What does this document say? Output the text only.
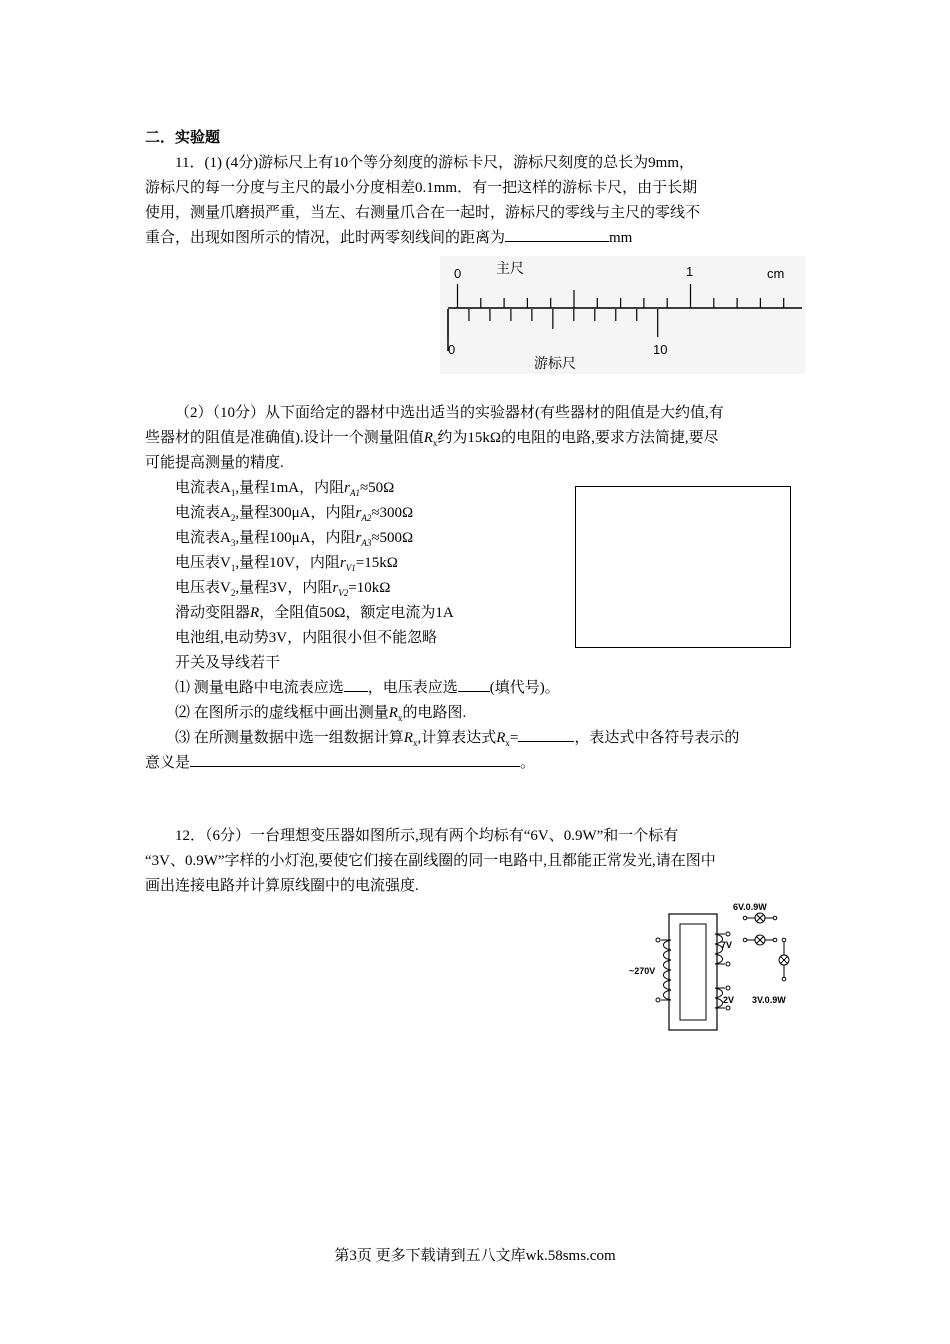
二．实验题
11．(1) (4分)游标尺上有10个等分刻度的游标卡尺，游标尺刻度的总长为9mm，
游标尺的每一分度与主尺的最小分度相差0.1mm．有一把这样的游标卡尺，由于长期
使用，测量爪磨损严重，当左、右测量爪合在一起时，游标尺的零线与主尺的零线不
重合，出现如图所示的情况，此时两零刻线间的距离为	mm
0 主尺	1	cm
0	10
游标尺
（2）（10分）从下面给定的器材中选出适当的实验器材(有些器材的阻值是大约值,有
些器材的阻值是准确值).设计一个测量阻值$R_x$约为15kΩ的电阻的电路,要求方法简捷,要尽
可能提高测量的精度.
电流表$A_1$,量程1mA，内阻$r_{A1}\approx 50\Omega$
电流表$A_2$,量程300μA，内阻$r_{A2}\approx 300\Omega$
电流表$A_3$,量程100μA，内阻$r_{A3}\approx 500\Omega$
电压表$V_1$,量程10V，内阻$r_{V1}=15k\Omega$
电压表$V_2$,量程3V，内阻$r_{V2}=10k\Omega$
滑动变阻器R，全阻值50Ω，额定电流为1A
电池组,电动势3V，内阻很小但不能忽略
开关及导线若干
⑴ 测量电路中电流表应选 ，电压表应选 (填代号)。
⑵ 在图所示的虚线框中画出测量$R_x$的电路图.
⑶ 在所测量数据中选一组数据计算$R_x$,计算表达式$R_x=$	，表达式中各符号表示的
意义是	。
12．（6分）一台理想变压器如图所示,现有两个均标有“6V、0.9W”和一个标有
“3V、0.9W”字样的小灯泡,要使它们接在副线圈的同一电路中,且都能正常发光,请在图中
画出连接电路并计算原线圈中的电流强度.
6V.0.9W
7V
~270V
2V 3V.0.9W
第3页 更多下载请到五八文库wk.58sms.com
